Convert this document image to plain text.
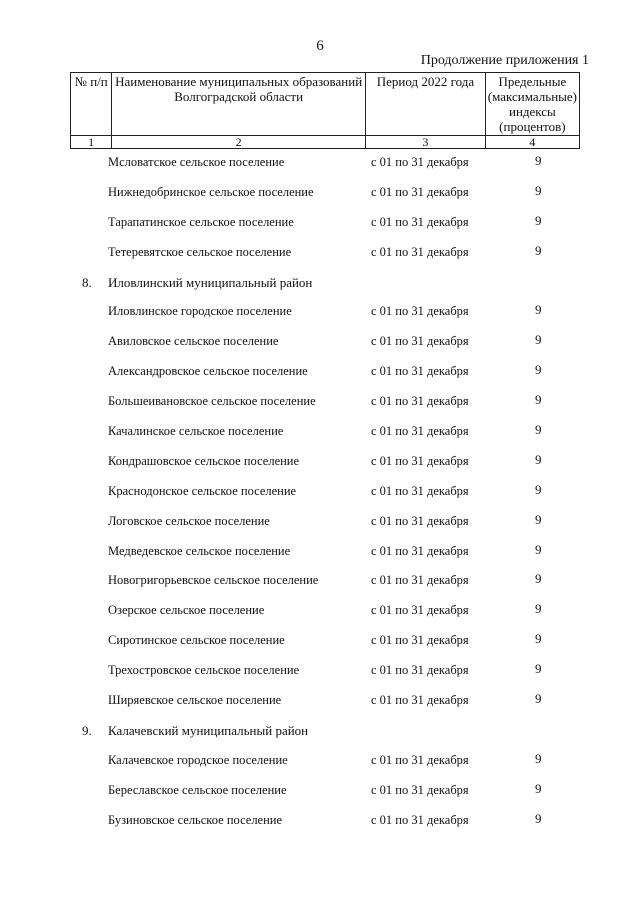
6
Продолжение приложения 1
№ п/п	Наименование муниципальных образований Волгоградской области	Период 2022 года	Предельные (максимальные) индексы (процентов)
1	2	3	4
Мсловатское сельское поселение	с 01 по 31 декабря	9
Нижнедобринское сельское поселение	с 01 по 31 декабря	9
Тарапатинское сельское поселение	с 01 по 31 декабря	9
Тетеревятское сельское поселение	с 01 по 31 декабря	9
8. Иловлинский муниципальный район
Иловлинское городское поселение	с 01 по 31 декабря	9
Авиловское сельское поселение	с 01 по 31 декабря	9
Александровское сельское поселение	с 01 по 31 декабря	9
Большеивановское сельское поселение	с 01 по 31 декабря	9
Качалинское сельское поселение	с 01 по 31 декабря	9
Кондрашовское сельское поселение	с 01 по 31 декабря	9
Краснодонское сельское поселение	с 01 по 31 декабря	9
Логовское сельское поселение	с 01 по 31 декабря	9
Медведевское сельское поселение	с 01 по 31 декабря	9
Новогригорьевское сельское поселение	с 01 по 31 декабря	9
Озерское сельское поселение	с 01 по 31 декабря	9
Сиротинское сельское поселение	с 01 по 31 декабря	9
Трехостровское сельское поселение	с 01 по 31 декабря	9
Ширяевское сельское поселение	с 01 по 31 декабря	9
9. Калачевский муниципальный район
Калачевское городское поселение	с 01 по 31 декабря	9
Береславское сельское поселение	с 01 по 31 декабря	9
Бузиновское сельское поселение	с 01 по 31 декабря	9
